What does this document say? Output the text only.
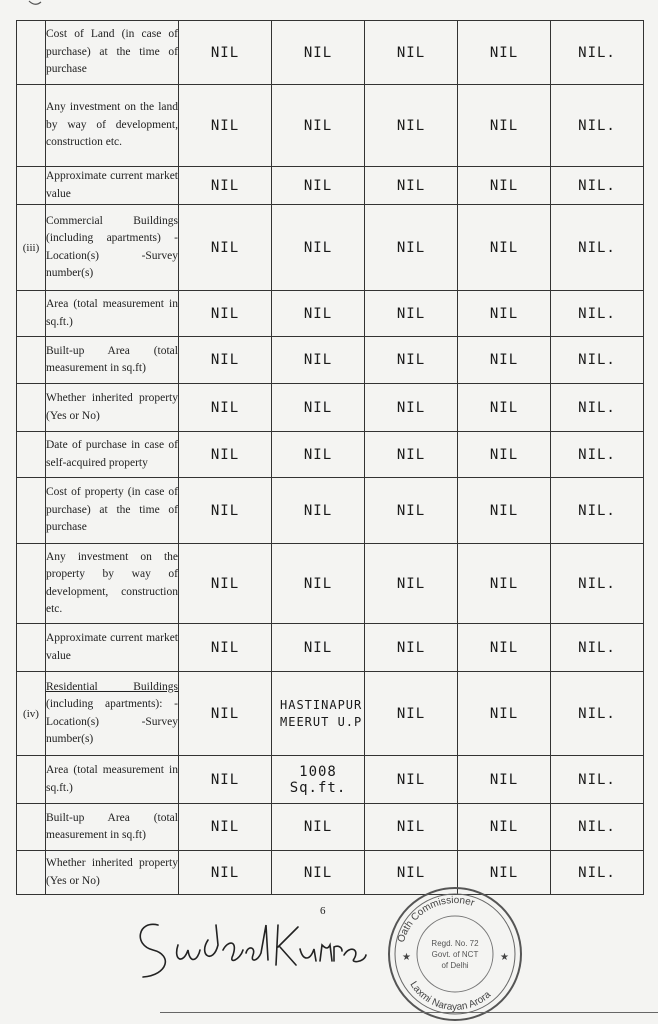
	Cost of Land (in case of purchase) at the time of purchase	NIL	NIL	NIL	NIL	NIL.
	Any investment on the land by way of development, construction etc.	NIL	NIL	NIL	NIL	NIL.
	Approximate current market value	NIL	NIL	NIL	NIL	NIL.
(iii)	Commercial Buildings (including apartments) -Location(s) -Survey number(s)	NIL	NIL	NIL	NIL	NIL.
	Area (total measurement in sq.ft.)	NIL	NIL	NIL	NIL	NIL.
	Built-up Area (total measurement in sq.ft)	NIL	NIL	NIL	NIL	NIL.
	Whether inherited property (Yes or No)	NIL	NIL	NIL	NIL	NIL.
	Date of purchase in case of self-acquired property	NIL	NIL	NIL	NIL	NIL.
	Cost of property (in case of purchase) at the time of purchase	NIL	NIL	NIL	NIL	NIL.
	Any investment on the property by way of development, construction etc.	NIL	NIL	NIL	NIL	NIL.
	Approximate current market value	NIL	NIL	NIL	NIL	NIL.
(iv)	Residential Buildings (including apartments): -Location(s) -Survey number(s)	NIL	HASTINAPUR MEERUT U.P	NIL	NIL	NIL.
	Area (total measurement in sq.ft.)	NIL	1008 Sq.ft.	NIL	NIL	NIL.
	Built-up Area (total measurement in sq.ft)	NIL	NIL	NIL	NIL	NIL.
	Whether inherited property (Yes or No)	NIL	NIL	NIL	NIL	NIL.
6
Oath Commissioner
Laxmi Narayan Arora
Regd. No. 72
Govt. of NCT
of Delhi
★	★
